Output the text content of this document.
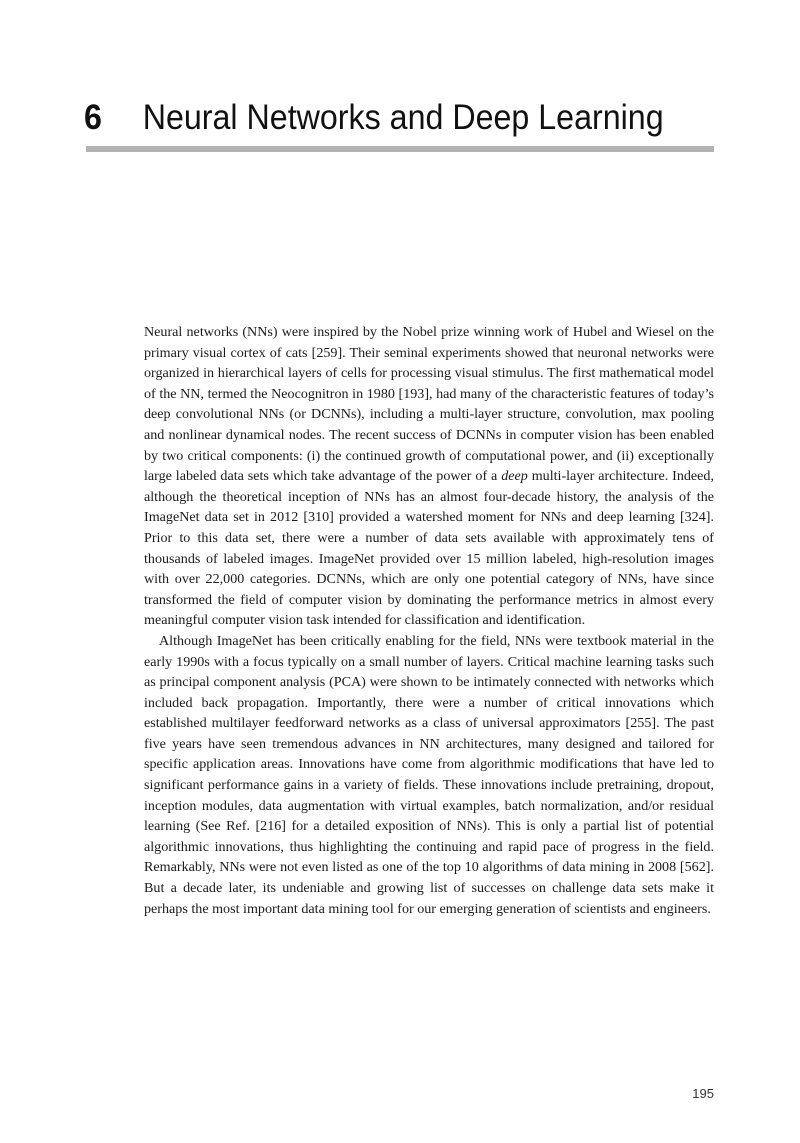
6	Neural Networks and Deep Learning

Neural networks (NNs) were inspired by the Nobel prize winning work of Hubel and Wiesel on the primary visual cortex of cats [259]. Their seminal experiments showed that neuronal networks were organized in hierarchical layers of cells for processing visual stimulus. The first mathematical model of the NN, termed the Neocognitron in 1980 [193], had many of the characteristic features of today’s deep convolutional NNs (or DCNNs), including a multi-layer structure, convolution, max pooling and nonlinear dynamical nodes. The recent success of DCNNs in computer vision has been enabled by two critical components: (i) the continued growth of computational power, and (ii) exceptionally large labeled data sets which take advantage of the power of a deep multi-layer architecture. Indeed, although the theoretical inception of NNs has an almost four-decade history, the analysis of the ImageNet data set in 2012 [310] provided a watershed moment for NNs and deep learning [324]. Prior to this data set, there were a number of data sets available with approximately tens of thousands of labeled images. ImageNet provided over 15 million labeled, high-resolution images with over 22,000 categories. DCNNs, which are only one potential category of NNs, have since transformed the field of computer vision by dominating the performance metrics in almost every meaningful computer vision task intended for classification and identification.

Although ImageNet has been critically enabling for the field, NNs were textbook material in the early 1990s with a focus typically on a small number of layers. Critical machine learning tasks such as principal component analysis (PCA) were shown to be intimately connected with networks which included back propagation. Importantly, there were a number of critical innovations which established multilayer feedforward networks as a class of universal approximators [255]. The past five years have seen tremendous advances in NN architectures, many designed and tailored for specific application areas. Innovations have come from algorithmic modifications that have led to significant performance gains in a variety of fields. These innovations include pretraining, dropout, inception modules, data augmentation with virtual examples, batch normalization, and/or residual learning (See Ref. [216] for a detailed exposition of NNs). This is only a partial list of potential algorithmic innovations, thus highlighting the continuing and rapid pace of progress in the field. Remarkably, NNs were not even listed as one of the top 10 algorithms of data mining in 2008 [562]. But a decade later, its undeniable and growing list of successes on challenge data sets make it perhaps the most important data mining tool for our emerging generation of scientists and engineers.

195
